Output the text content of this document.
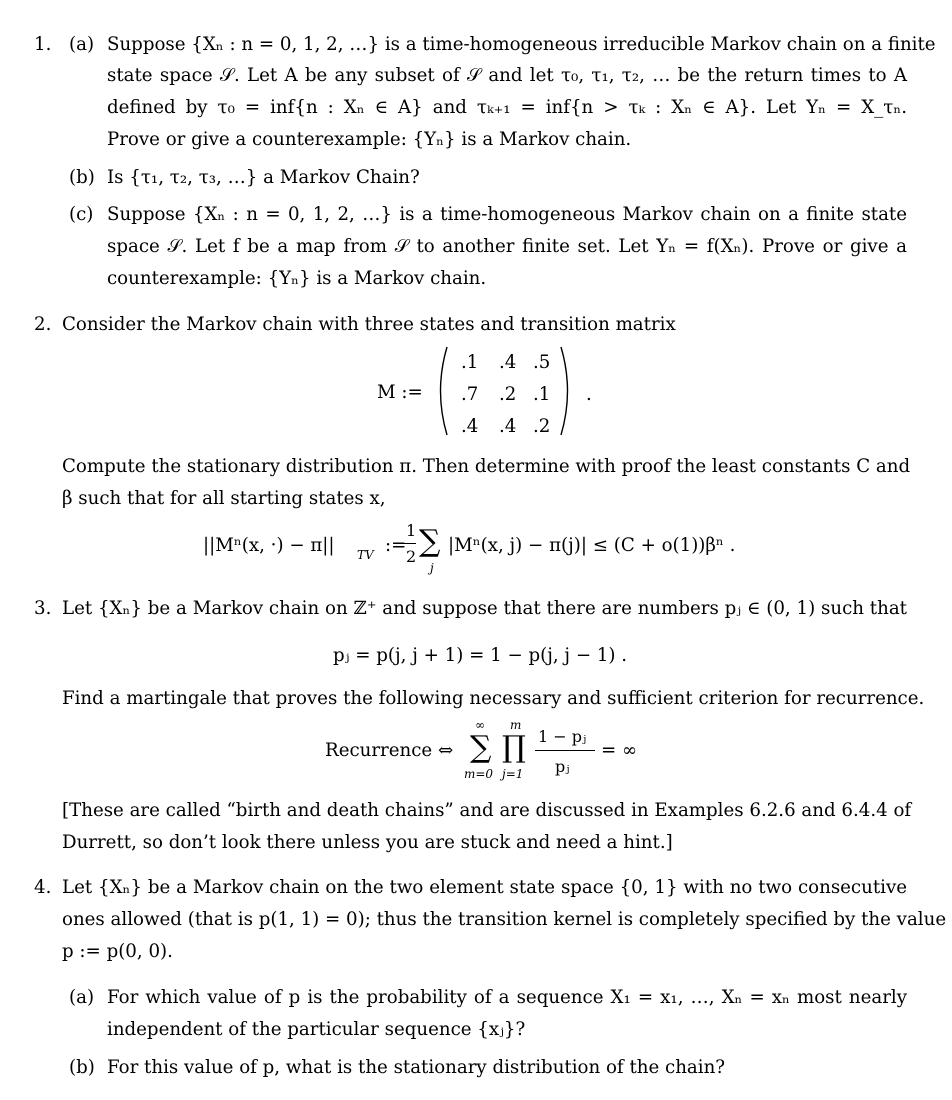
1. (a) Suppose {Xₙ : n = 0, 1, 2, …} is a time-homogeneous irreducible Markov chain on a finite
state space 𝒮. Let A be any subset of 𝒮 and let τ₀, τ₁, τ₂, … be the return times to A
defined by τ₀ = inf{n : Xₙ ∈ A} and τₖ₊₁ = inf{n > τₖ : Xₙ ∈ A}. Let Yₙ = X_τₙ.
Prove or give a counterexample: {Yₙ} is a Markov chain.
(b) Is {τ₁, τ₂, τ₃, …} a Markov Chain?
(c) Suppose {Xₙ : n = 0, 1, 2, …} is a time-homogeneous Markov chain on a finite state
space 𝒮. Let f be a map from 𝒮 to another finite set. Let Yₙ = f(Xₙ). Prove or give a
counterexample: {Yₙ} is a Markov chain.
2. Consider the Markov chain with three states and transition matrix
M :=
.1 .4 .5
.7 .2 .1
.4 .4 .2
.
Compute the stationary distribution π. Then determine with proof the least constants C and
β such that for all starting states x,
||Mⁿ(x, ·) − π|| TV :=
1
2 ∑
j
|Mⁿ(x, j) − π(j)| ≤ (C + o(1))βⁿ .
3. Let {Xₙ} be a Markov chain on ℤ⁺ and suppose that there are numbers pⱼ ∈ (0, 1) such that
pⱼ = p(j, j + 1) = 1 − p(j, j − 1) .
Find a martingale that proves the following necessary and sufficient criterion for recurrence.
Recurrence ⇔
∞
∑
m=0
m
∏
j=1
1 − pⱼ
pⱼ
= ∞
[These are called “birth and death chains” and are discussed in Examples 6.2.6 and 6.4.4 of
Durrett, so don’t look there unless you are stuck and need a hint.]
4. Let {Xₙ} be a Markov chain on the two element state space {0, 1} with no two consecutive
ones allowed (that is p(1, 1) = 0); thus the transition kernel is completely specified by the value
p := p(0, 0).
(a) For which value of p is the probability of a sequence X₁ = x₁, …, Xₙ = xₙ most nearly
independent of the particular sequence {xⱼ}?
(b) For this value of p, what is the stationary distribution of the chain?
